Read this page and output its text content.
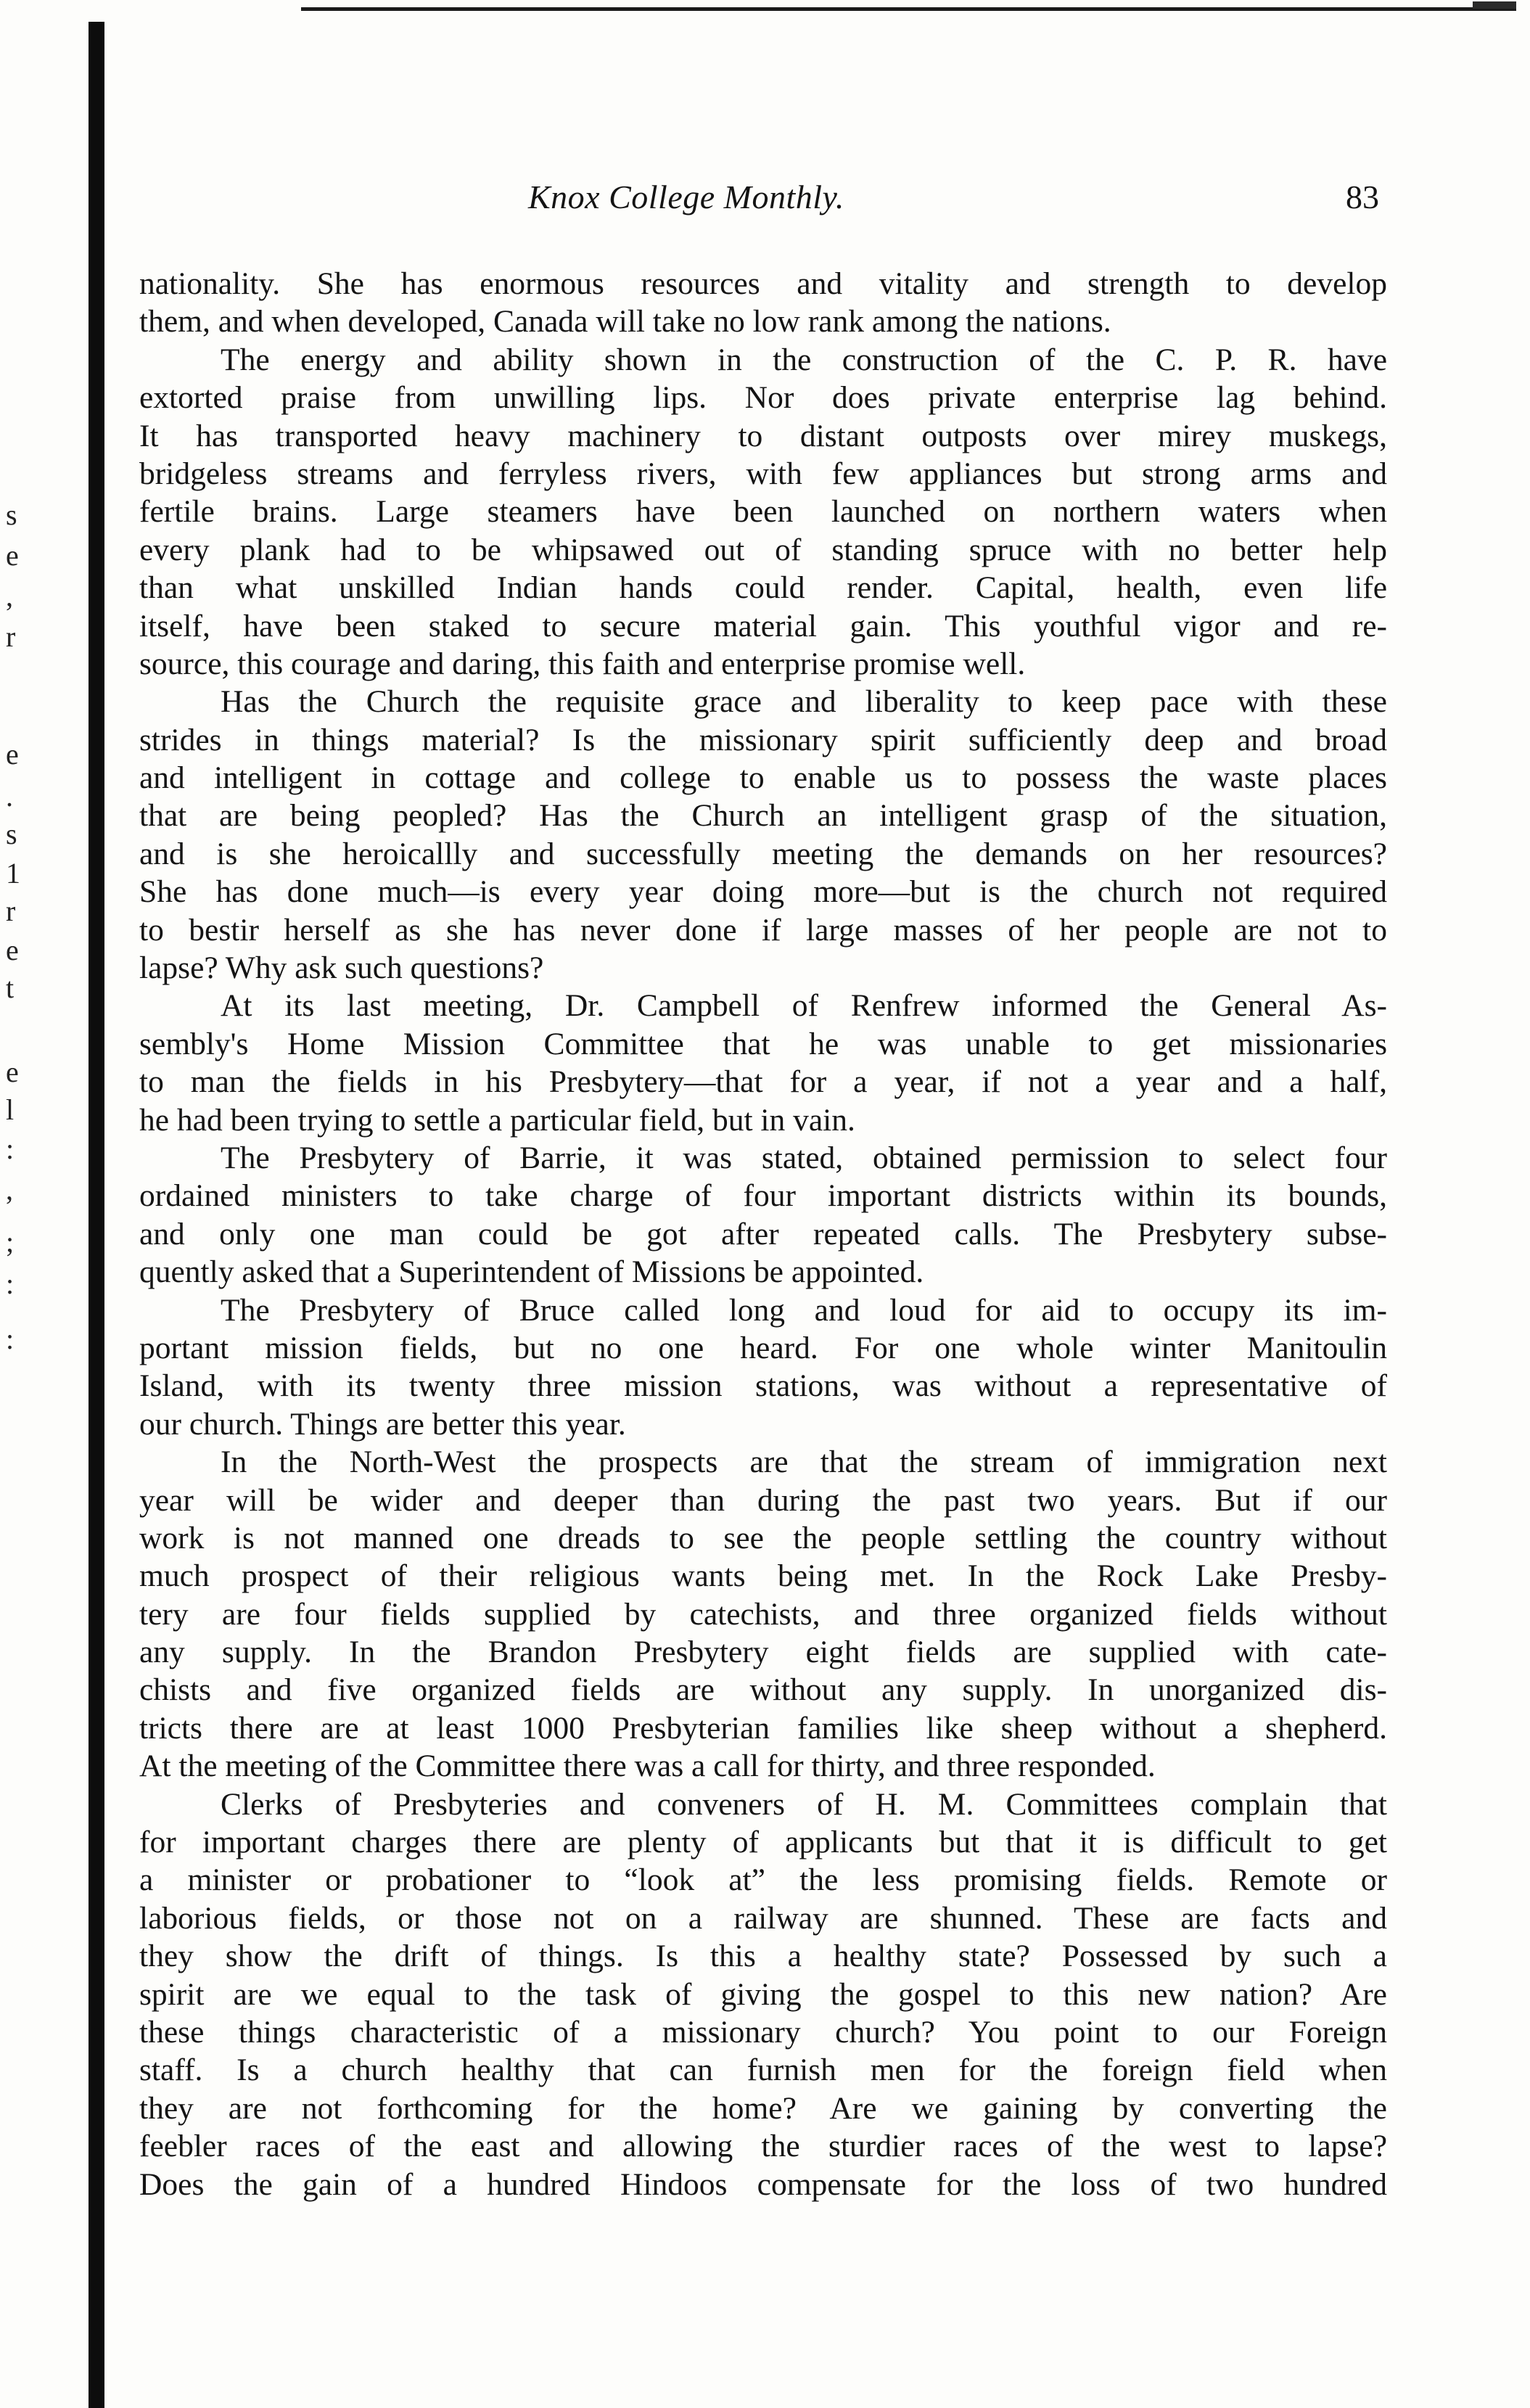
s
e
,
r
e
.
s
1
r
e
t
e
l
:
,
;
:
:
Knox College Monthly.	83
nationality. She has enormous resources and vitality and strength to develop
them, and when developed, Canada will take no low rank among the nations.
The energy and ability shown in the construction of the C. P. R. have
extorted praise from unwilling lips. Nor does private enterprise lag behind.
It has transported heavy machinery to distant outposts over mirey muskegs,
bridgeless streams and ferryless rivers, with few appliances but strong arms and
fertile brains. Large steamers have been launched on northern waters when
every plank had to be whipsawed out of standing spruce with no better help
than what unskilled Indian hands could render. Capital, health, even life
itself, have been staked to secure material gain. This youthful vigor and re-
source, this courage and daring, this faith and enterprise promise well.
Has the Church the requisite grace and liberality to keep pace with these
strides in things material? Is the missionary spirit sufficiently deep and broad
and intelligent in cottage and college to enable us to possess the waste places
that are being peopled? Has the Church an intelligent grasp of the situation,
and is she heroicallly and successfully meeting the demands on her resources?
She has done much—is every year doing more—but is the church not required
to bestir herself as she has never done if large masses of her people are not to
lapse? Why ask such questions?
At its last meeting, Dr. Campbell of Renfrew informed the General As-
sembly's Home Mission Committee that he was unable to get missionaries
to man the fields in his Presbytery—that for a year, if not a year and a half,
he had been trying to settle a particular field, but in vain.
The Presbytery of Barrie, it was stated, obtained permission to select four
ordained ministers to take charge of four important districts within its bounds,
and only one man could be got after repeated calls. The Presbytery subse-
quently asked that a Superintendent of Missions be appointed.
The Presbytery of Bruce called long and loud for aid to occupy its im-
portant mission fields, but no one heard. For one whole winter Manitoulin
Island, with its twenty three mission stations, was without a representative of
our church. Things are better this year.
In the North-West the prospects are that the stream of immigration next
year will be wider and deeper than during the past two years. But if our
work is not manned one dreads to see the people settling the country without
much prospect of their religious wants being met. In the Rock Lake Presby-
tery are four fields supplied by catechists, and three organized fields without
any supply. In the Brandon Presbytery eight fields are supplied with cate-
chists and five organized fields are without any supply. In unorganized dis-
tricts there are at least 1000 Presbyterian families like sheep without a shepherd.
At the meeting of the Committee there was a call for thirty, and three responded.
Clerks of Presbyteries and conveners of H. M. Committees complain that
for important charges there are plenty of applicants but that it is difficult to get
a minister or probationer to “look at” the less promising fields. Remote or
laborious fields, or those not on a railway are shunned. These are facts and
they show the drift of things. Is this a healthy state? Possessed by such a
spirit are we equal to the task of giving the gospel to this new nation? Are
these things characteristic of a missionary church? You point to our Foreign
staff. Is a church healthy that can furnish men for the foreign field when
they are not forthcoming for the home? Are we gaining by converting the
feebler races of the east and allowing the sturdier races of the west to lapse?
Does the gain of a hundred Hindoos compensate for the loss of two hundred
